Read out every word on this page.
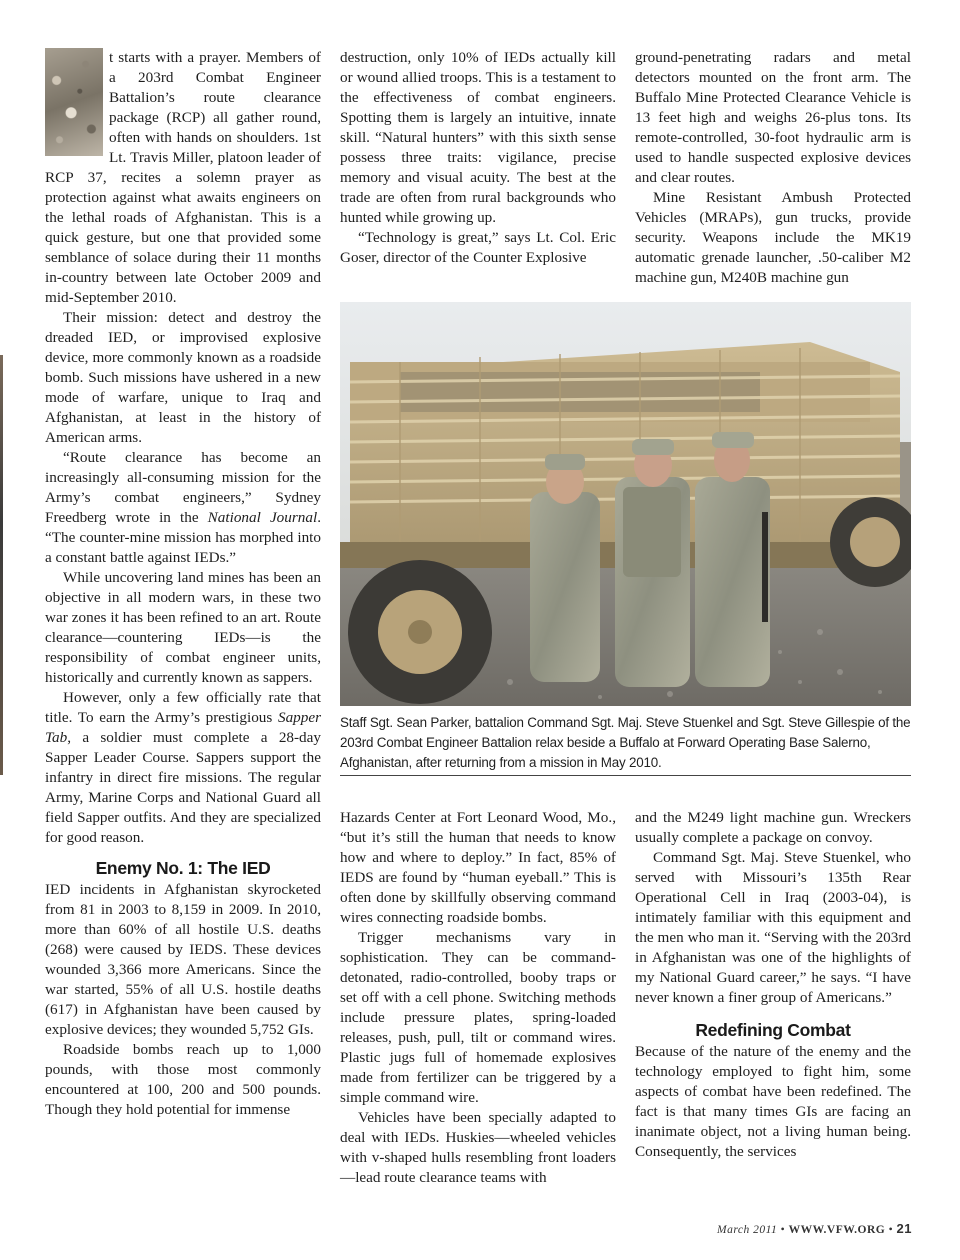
t starts with a prayer. Members of a 203rd Combat Engineer Battalion’s route clearance package (RCP) all gather round, often with hands on shoulders. 1st Lt. Travis Miller, platoon leader of RCP 37, recites a solemn prayer as protection against what awaits engineers on the lethal roads of Afghanistan. This is a quick gesture, but one that provided some semblance of solace during their 11 months in-country between late October 2009 and mid-September 2010.

Their mission: detect and destroy the dreaded IED, or improvised explosive device, more commonly known as a roadside bomb. Such missions have ushered in a new mode of warfare, unique to Iraq and Afghanistan, at least in the history of American arms.

“Route clearance has become an increasingly all-consuming mission for the Army’s combat engineers,” Sydney Freedberg wrote in the National Journal. “The counter-mine mission has morphed into a constant battle against IEDs.”

While uncovering land mines has been an objective in all modern wars, in these two war zones it has been refined to an art. Route clearance—countering IEDs—is the responsibility of combat engineer units, historically and currently known as sappers.

However, only a few officially rate that title. To earn the Army’s prestigious Sapper Tab, a soldier must complete a 28-day Sapper Leader Course. Sappers support the infantry in direct fire missions. The regular Army, Marine Corps and National Guard all field Sapper outfits. And they are specialized for good reason.

Enemy No. 1: The IED

IED incidents in Afghanistan skyrocketed from 81 in 2003 to 8,159 in 2009. In 2010, more than 60% of all hostile U.S. deaths (268) were caused by IEDS. These devices wounded 3,366 more Americans. Since the war started, 55% of all U.S. hostile deaths (617) in Afghanistan have been caused by explosive devices; they wounded 5,752 GIs.

Roadside bombs reach up to 1,000 pounds, with those most commonly encountered at 100, 200 and 500 pounds. Though they hold potential for immense

destruction, only 10% of IEDs actually kill or wound allied troops. This is a testament to the effectiveness of combat engineers. Spotting them is largely an intuitive, innate skill. “Natural hunters” with this sixth sense possess three traits: vigilance, precise memory and visual acuity. The best at the trade are often from rural backgrounds who hunted while growing up.

“Technology is great,” says Lt. Col. Eric Goser, director of the Counter Explosive

ground-penetrating radars and metal detectors mounted on the front arm. The Buffalo Mine Protected Clearance Vehicle is 13 feet high and weighs 26-plus tons. Its remote-controlled, 30-foot hydraulic arm is used to handle suspected explosive devices and clear routes.

Mine Resistant Ambush Protected Vehicles (MRAPs), gun trucks, provide security. Weapons include the MK19 automatic grenade launcher, .50-caliber M2 machine gun, M240B machine gun

Staff Sgt. Sean Parker, battalion Command Sgt. Maj. Steve Stuenkel and Sgt. Steve Gillespie of the 203rd Combat Engineer Battalion relax beside a Buffalo at Forward Operating Base Salerno, Afghanistan, after returning from a mission in May 2010.

Hazards Center at Fort Leonard Wood, Mo., “but it’s still the human that needs to know how and where to deploy.” In fact, 85% of IEDS are found by “human eyeball.” This is often done by skillfully observing command wires connecting roadside bombs.

Trigger mechanisms vary in sophistication. They can be command-detonated, radio-controlled, booby traps or set off with a cell phone. Switching methods include pressure plates, spring-loaded releases, push, pull, tilt or command wires. Plastic jugs full of homemade explosives made from fertilizer can be triggered by a simple command wire.

Vehicles have been specially adapted to deal with IEDs. Huskies—wheeled vehicles with v-shaped hulls resembling front loaders—lead route clearance teams with

and the M249 light machine gun. Wreckers usually complete a package on convoy.

Command Sgt. Maj. Steve Stuenkel, who served with Missouri’s 135th Rear Operational Cell in Iraq (2003-04), is intimately familiar with this equipment and the men who man it. “Serving with the 203rd in Afghanistan was one of the highlights of my National Guard career,” he says. “I have never known a finer group of Americans.”

Redefining Combat

Because of the nature of the enemy and the technology employed to fight him, some aspects of combat have been redefined. The fact is that many times GIs are facing an inanimate object, not a living human being. Consequently, the services

March 2011 • WWW.VFW.ORG • 21
